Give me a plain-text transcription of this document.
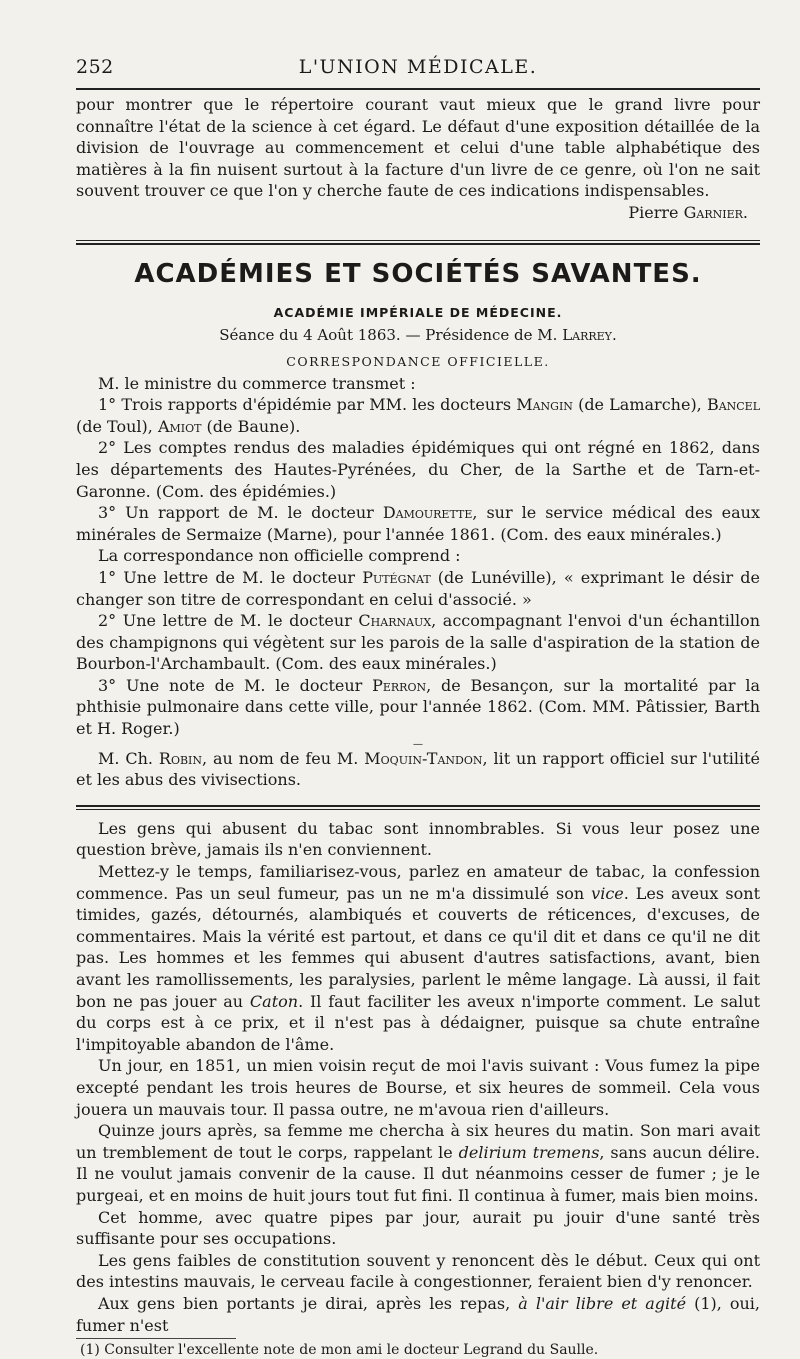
252	L'UNION MÉDICALE.

pour montrer que le répertoire courant vaut mieux que le grand livre pour connaître l'état de la science à cet égard. Le défaut d'une exposition détaillée de la division de l'ouvrage au commencement et celui d'une table alphabétique des matières à la fin nuisent surtout à la facture d'un livre de ce genre, où l'on ne sait souvent trouver ce que l'on y cherche faute de ces indications indispensables.

Pierre Garnier.
ACADÉMIES ET SOCIÉTÉS SAVANTES.
ACADÉMIE IMPÉRIALE DE MÉDECINE.
Séance du 4 Août 1863. — Présidence de M. Larrey.
CORRESPONDANCE OFFICIELLE.

M. le ministre du commerce transmet :

1° Trois rapports d'épidémie par MM. les docteurs Mangin (de Lamarche), Bancel (de Toul), Amiot (de Baune).

2° Les comptes rendus des maladies épidémiques qui ont régné en 1862, dans les départements des Hautes-Pyrénées, du Cher, de la Sarthe et de Tarn-et-Garonne. (Com. des épidémies.)

3° Un rapport de M. le docteur Damourette, sur le service médical des eaux minérales de Sermaize (Marne), pour l'année 1861. (Com. des eaux minérales.)

La correspondance non officielle comprend :

1° Une lettre de M. le docteur Putégnat (de Lunéville), « exprimant le désir de changer son titre de correspondant en celui d'associé. »

2° Une lettre de M. le docteur Charnaux, accompagnant l'envoi d'un échantillon des champignons qui végètent sur les parois de la salle d'aspiration de la station de Bourbon-l'Archambault. (Com. des eaux minérales.)

3° Une note de M. le docteur Perron, de Besançon, sur la mortalité par la phthisie pulmonaire dans cette ville, pour l'année 1862. (Com. MM. Pâtissier, Barth et H. Roger.)

—

M. Ch. Robin, au nom de feu M. Moquin-Tandon, lit un rapport officiel sur l'utilité et les abus des vivisections.

Les gens qui abusent du tabac sont innombrables. Si vous leur posez une question brève, jamais ils n'en conviennent.

Mettez-y le temps, familiarisez-vous, parlez en amateur de tabac, la confession commence. Pas un seul fumeur, pas un ne m'a dissimulé son vice. Les aveux sont timides, gazés, détournés, alambiqués et couverts de réticences, d'excuses, de commentaires. Mais la vérité est partout, et dans ce qu'il dit et dans ce qu'il ne dit pas. Les hommes et les femmes qui abusent d'autres satisfactions, avant, bien avant les ramollissements, les paralysies, parlent le même langage. Là aussi, il fait bon ne pas jouer au Caton. Il faut faciliter les aveux n'importe comment. Le salut du corps est à ce prix, et il n'est pas à dédaigner, puisque sa chute entraîne l'impitoyable abandon de l'âme.

Un jour, en 1851, un mien voisin reçut de moi l'avis suivant : Vous fumez la pipe excepté pendant les trois heures de Bourse, et six heures de sommeil. Cela vous jouera un mauvais tour. Il passa outre, ne m'avoua rien d'ailleurs.

Quinze jours après, sa femme me chercha à six heures du matin. Son mari avait un tremblement de tout le corps, rappelant le delirium tremens, sans aucun délire. Il ne voulut jamais convenir de la cause. Il dut néanmoins cesser de fumer ; je le purgeai, et en moins de huit jours tout fut fini. Il continua à fumer, mais bien moins.

Cet homme, avec quatre pipes par jour, aurait pu jouir d'une santé très suffisante pour ses occupations.

Les gens faibles de constitution souvent y renoncent dès le début. Ceux qui ont des intestins mauvais, le cerveau facile à congestionner, feraient bien d'y renoncer.

Aux gens bien portants je dirai, après les repas, à l'air libre et agité (1), oui, fumer n'est

(1) Consulter l'excellente note de mon ami le docteur Legrand du Saulle.
